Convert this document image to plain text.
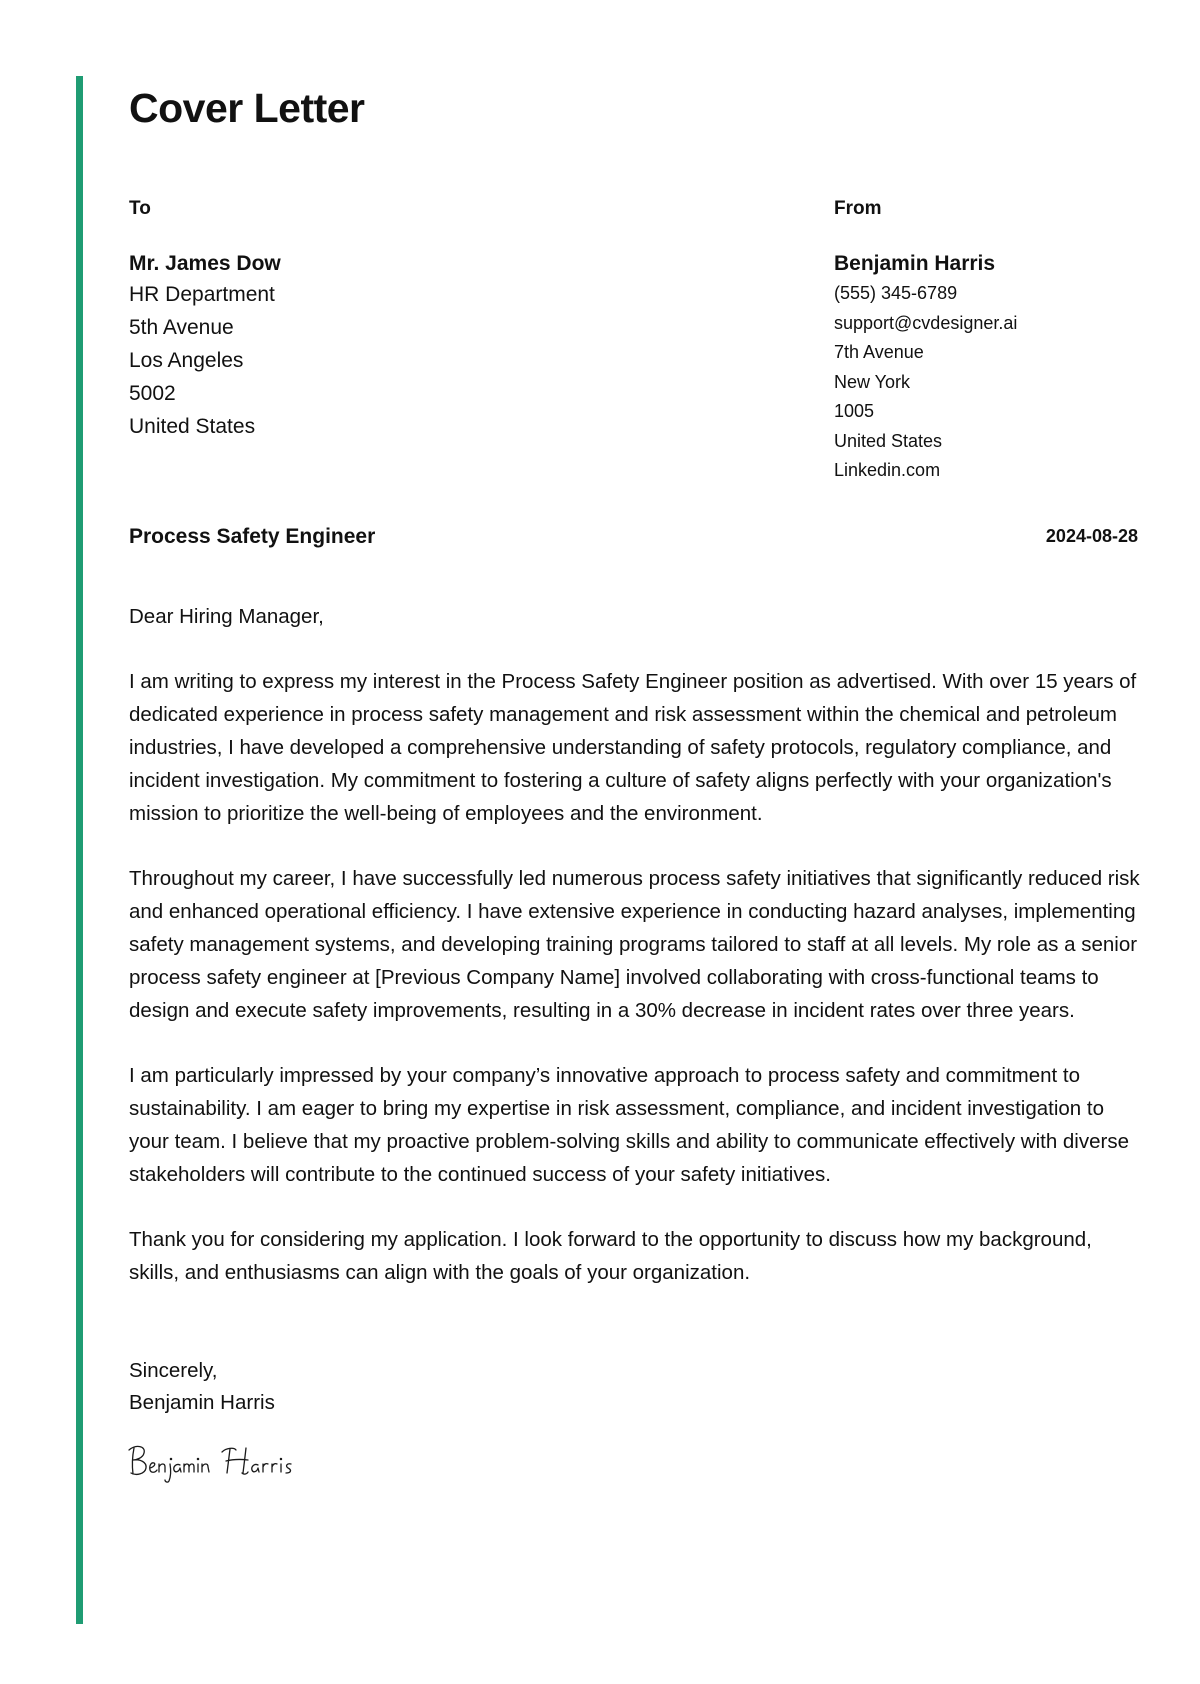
Cover Letter
To
Mr. James Dow
HR Department
5th Avenue
Los Angeles
5002
United States
From
Benjamin Harris
(555) 345-6789
support@cvdesigner.ai
7th Avenue
New York
1005
United States
Linkedin.com
Process Safety Engineer	2024-08-28

Dear Hiring Manager,

I am writing to express my interest in the Process Safety Engineer position as advertised. With over 15 years of dedicated experience in process safety management and risk assessment within the chemical and petroleum industries, I have developed a comprehensive understanding of safety protocols, regulatory compliance, and incident investigation. My commitment to fostering a culture of safety aligns perfectly with your organization's mission to prioritize the well-being of employees and the environment.

Throughout my career, I have successfully led numerous process safety initiatives that significantly reduced risk and enhanced operational efficiency. I have extensive experience in conducting hazard analyses, implementing safety management systems, and developing training programs tailored to staff at all levels. My role as a senior process safety engineer at [Previous Company Name] involved collaborating with cross-functional teams to design and execute safety improvements, resulting in a 30% decrease in incident rates over three years.

I am particularly impressed by your company’s innovative approach to process safety and commitment to sustainability. I am eager to bring my expertise in risk assessment, compliance, and incident investigation to your team. I believe that my proactive problem-solving skills and ability to communicate effectively with diverse stakeholders will contribute to the continued success of your safety initiatives.

Thank you for considering my application. I look forward to the opportunity to discuss how my background, skills, and enthusiasms can align with the goals of your organization.

Sincerely,
Benjamin Harris
